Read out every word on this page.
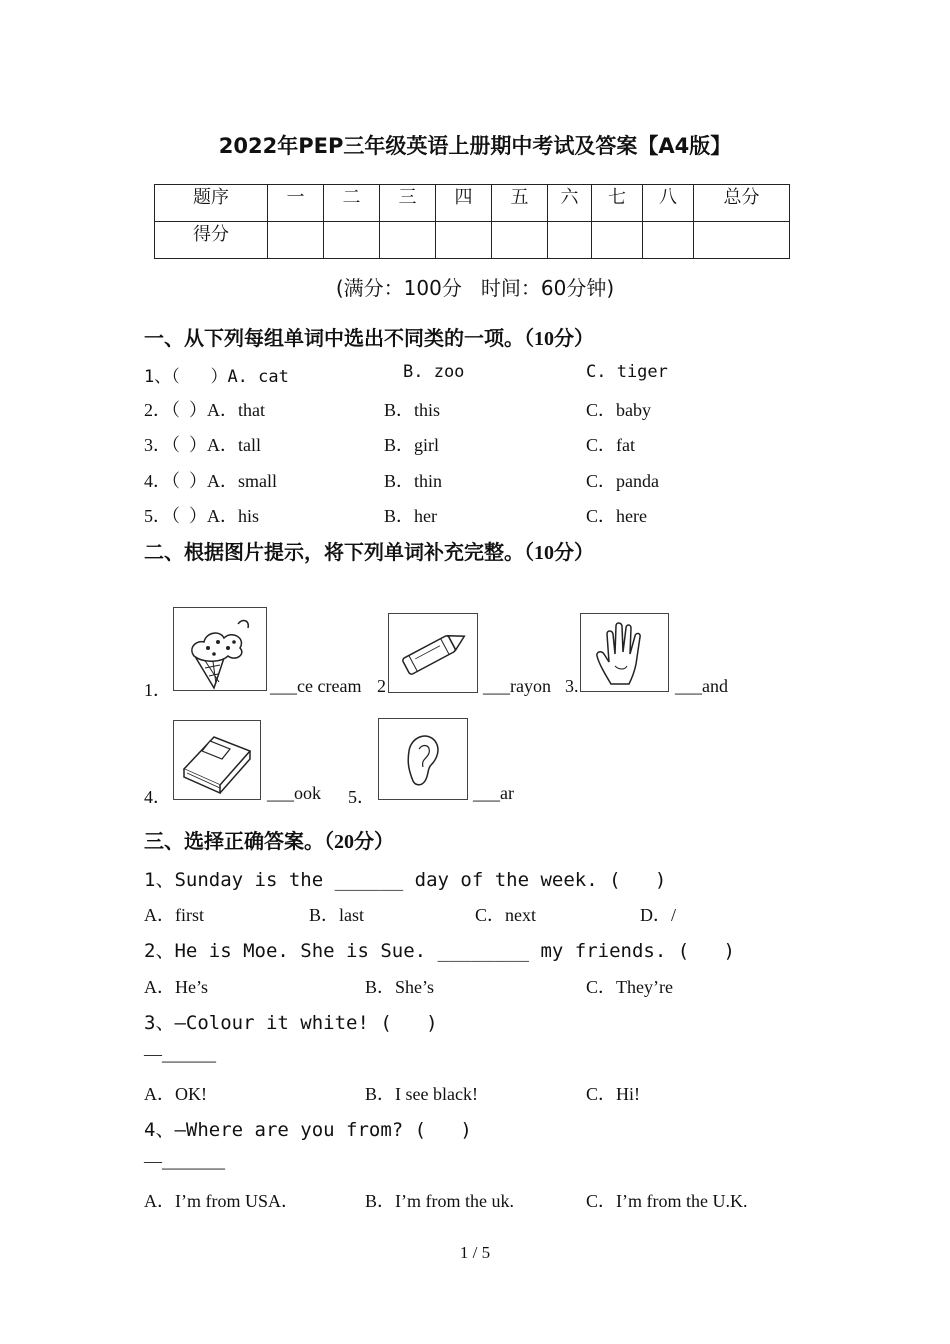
2022年PEP三年级英语上册期中考试及答案【A4版】
题序	一	二	三	四	五	六	七	八	总分
得分									
(满分：100分   时间：60分钟)
一、从下列每组单词中选出不同类的一项。（10分）
1、（   ）A. cat	B. zoo	C. tiger
2．（  ）A．that	B．this	C．baby
3．（  ）A．tall	B．girl	C．fat
4．（  ）A．small	B．thin	C．panda
5．（  ）A．his	B．her	C．here
二、根据图片提示，将下列单词补充完整。（10分）
1．	___ce cream 2	___rayon 3.	___and
4．	___ook 5．	___ar
三、选择正确答案。（20分）
1、Sunday is the ______ day of the week. (   )
A．first	B．last	C．next	D．/
2、He is Moe. She is Sue. ________ my friends. (   )
A．He’s	B．She’s	C．They’re
3、—Colour it white! (   )
—______
A．OK!	B．I see black!	C．Hi!
4、—Where are you from? (   )
—_______
A．I’m from USA．	B．I’m from the uk.	C．I’m from the U.K.
1 / 5
